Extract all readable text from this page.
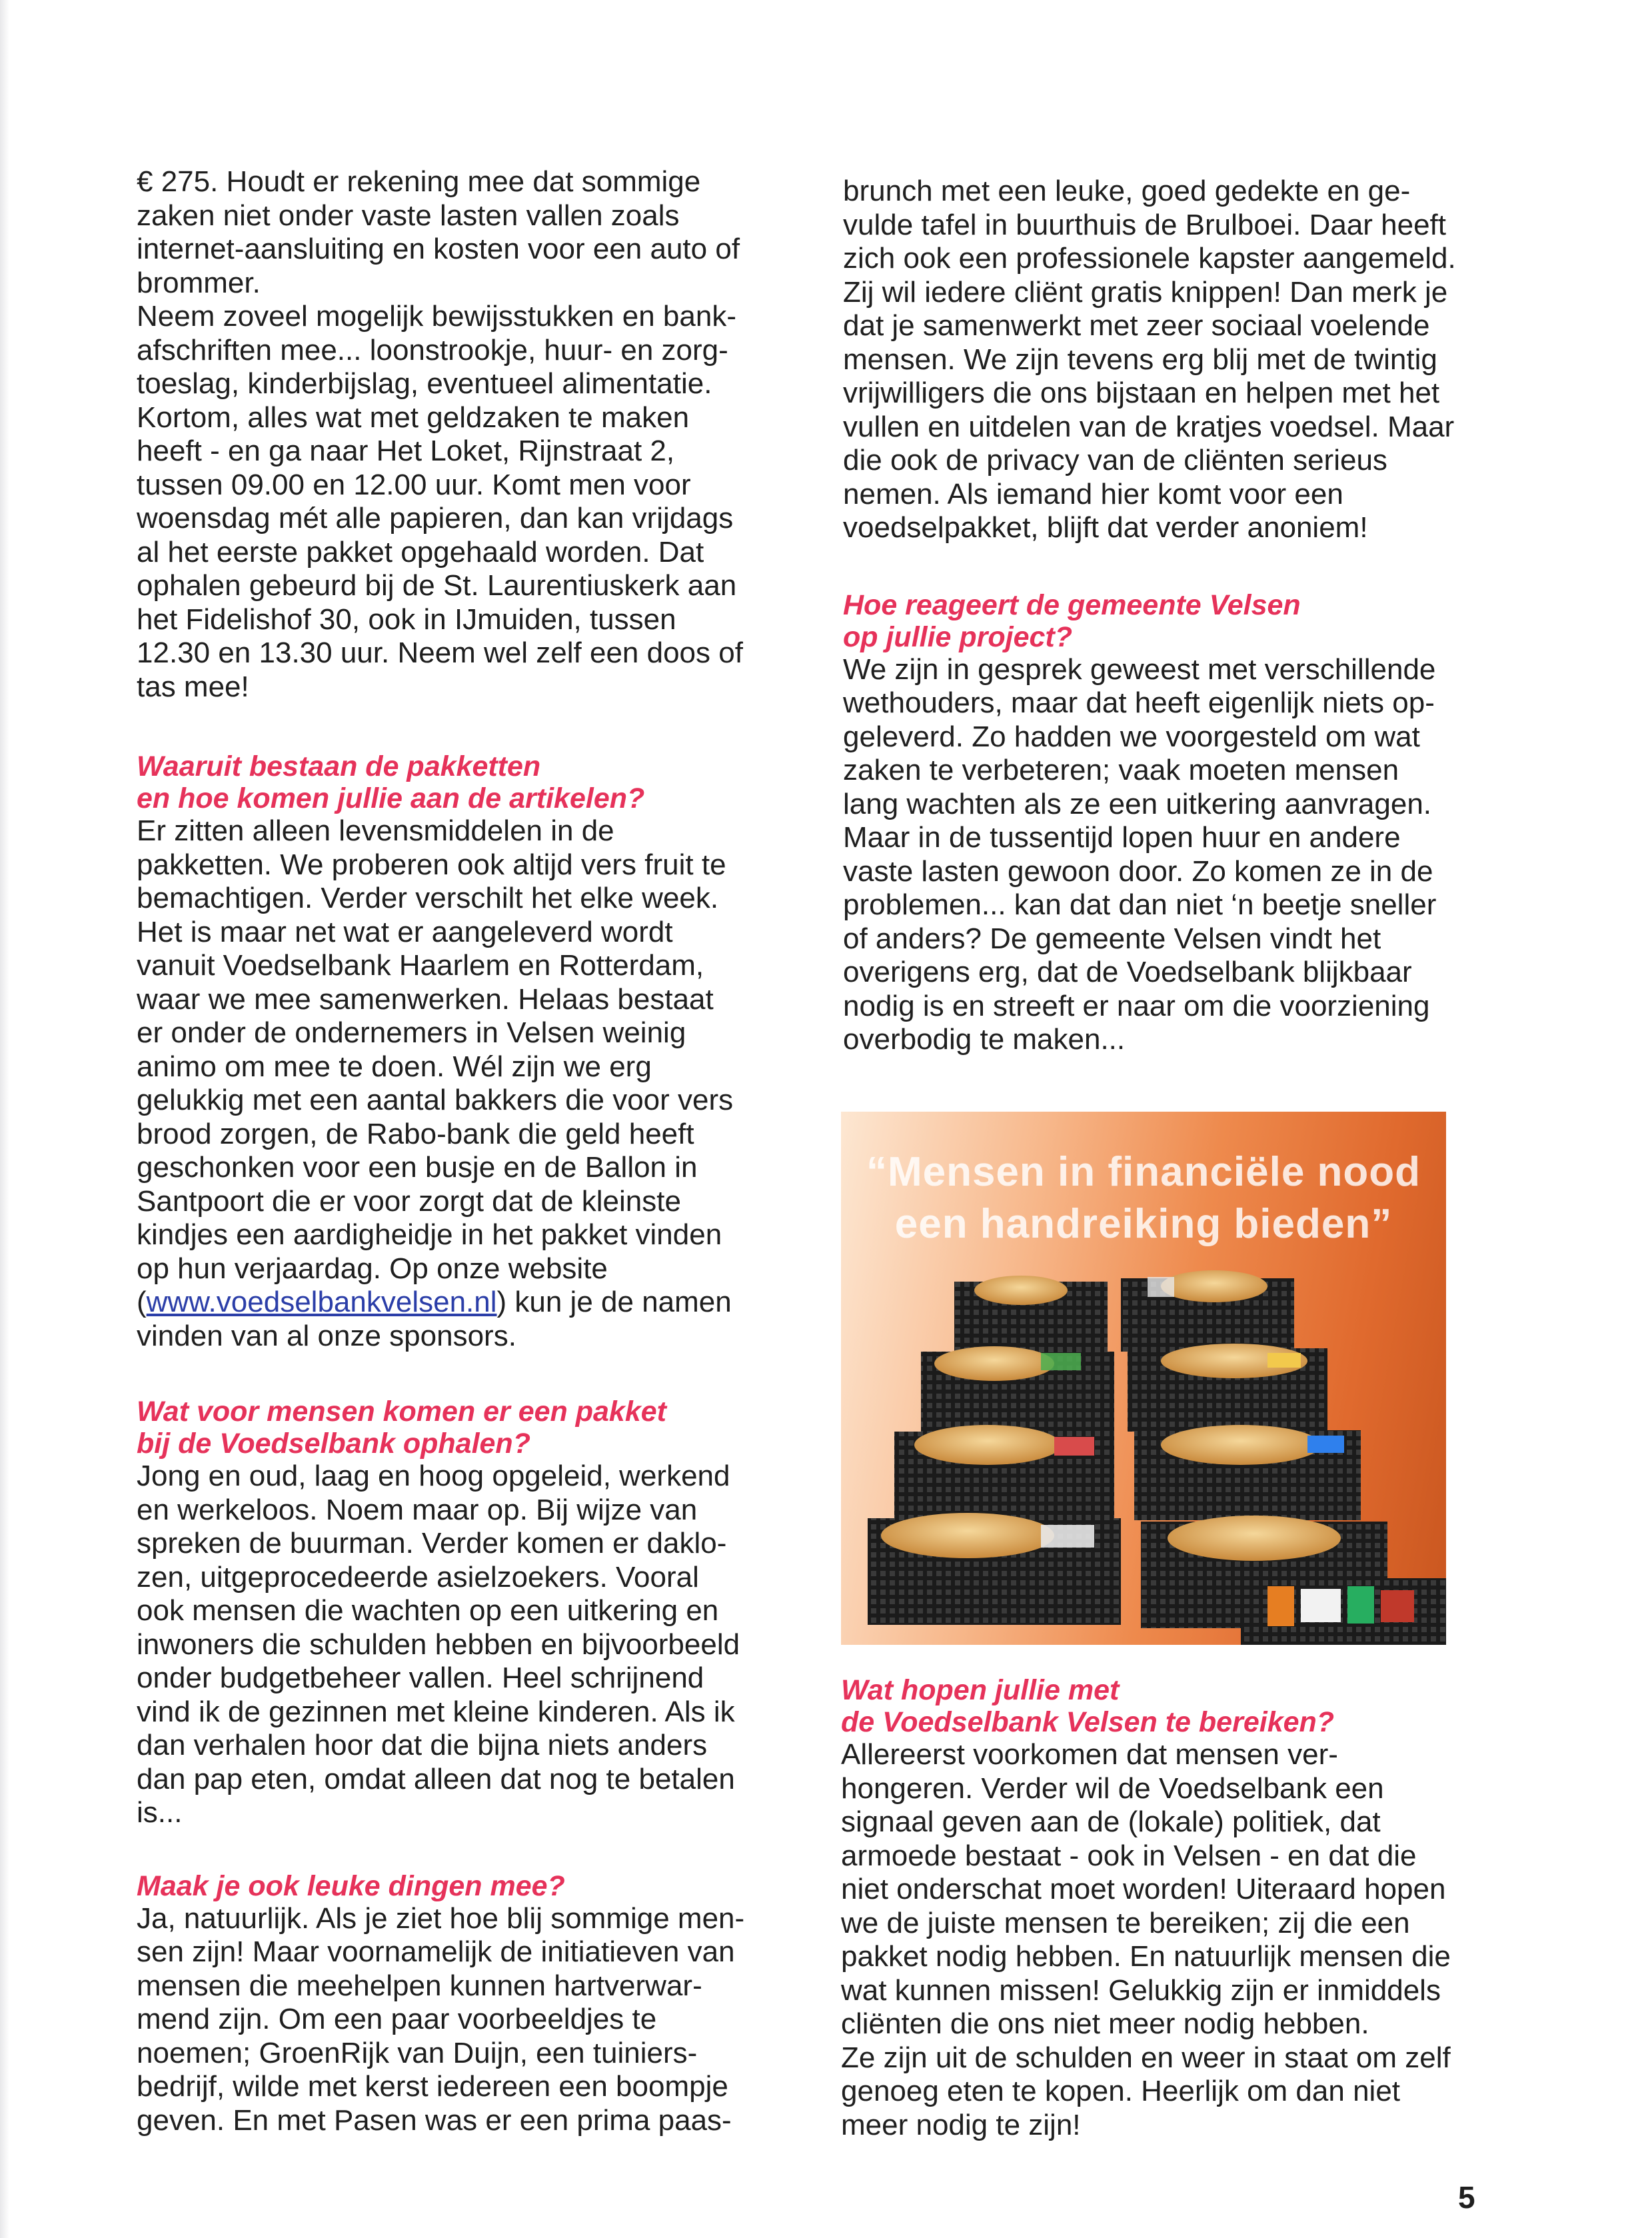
€ 275. Houdt er rekening mee dat sommige
zaken niet onder vaste lasten vallen zoals
internet-aansluiting en kosten voor een auto of
brommer.
Neem zoveel mogelijk bewijsstukken en bank-
afschriften mee... loonstrookje, huur- en zorg-
toeslag, kinderbijslag, eventueel alimentatie.
Kortom, alles wat met geldzaken te maken
heeft - en ga naar Het Loket, Rijnstraat 2,
tussen 09.00 en 12.00 uur. Komt men voor
woensdag mét alle papieren, dan kan vrijdags
al het eerste pakket opgehaald worden. Dat
ophalen gebeurd bij de St. Laurentiuskerk aan
het Fidelishof 30, ook in IJmuiden, tussen
12.30 en 13.30 uur. Neem wel zelf een doos of
tas mee!

Waaruit bestaan de pakketten
en hoe komen jullie aan de artikelen?

Er zitten alleen levensmiddelen in de
pakketten. We proberen ook altijd vers fruit te
bemachtigen. Verder verschilt het elke week.
Het is maar net wat er aangeleverd wordt
vanuit Voedselbank Haarlem en Rotterdam,
waar we mee samenwerken. Helaas bestaat
er onder de ondernemers in Velsen weinig
animo om mee te doen. Wél zijn we erg
gelukkig met een aantal bakkers die voor vers
brood zorgen, de Rabo-bank die geld heeft
geschonken voor een busje en de Ballon in
Santpoort die er voor zorgt dat de kleinste
kindjes een aardigheidje in het pakket vinden
op hun verjaardag. Op onze website

(www.voedselbankvelsen.nl) kun je de namen
vinden van al onze sponsors.

Wat voor mensen komen er een pakket
bij de Voedselbank ophalen?

Jong en oud, laag en hoog opgeleid, werkend
en werkeloos. Noem maar op. Bij wijze van
spreken de buurman. Verder komen er daklo-
zen, uitgeprocedeerde asielzoekers. Vooral
ook mensen die wachten op een uitkering en
inwoners die schulden hebben en bijvoorbeeld
onder budgetbeheer vallen. Heel schrijnend
vind ik de gezinnen met kleine kinderen. Als ik
dan verhalen hoor dat die bijna niets anders
dan pap eten, omdat alleen dat nog te betalen
is...

Maak je ook leuke dingen mee?

Ja, natuurlijk. Als je ziet hoe blij sommige men-
sen zijn! Maar voornamelijk de initiatieven van
mensen die meehelpen kunnen hartverwar-
mend zijn. Om een paar voorbeeldjes te
noemen; GroenRijk van Duijn, een tuiniers-
bedrijf, wilde met kerst iedereen een boompje
geven. En met Pasen was er een prima paas-

brunch met een leuke, goed gedekte en ge-
vulde tafel in buurthuis de Brulboei. Daar heeft
zich ook een professionele kapster aangemeld.
Zij wil iedere cliënt gratis knippen! Dan merk je
dat je samenwerkt met zeer sociaal voelende
mensen. We zijn tevens erg blij met de twintig
vrijwilligers die ons bijstaan en helpen met het
vullen en uitdelen van de kratjes voedsel. Maar
die ook de privacy van de cliënten serieus
nemen. Als iemand hier komt voor een
voedselpakket, blijft dat verder anoniem!

Hoe reageert de gemeente Velsen
op jullie project?

We zijn in gesprek geweest met verschillende
wethouders, maar dat heeft eigenlijk niets op-
geleverd. Zo hadden we voorgesteld om wat
zaken te verbeteren; vaak moeten mensen
lang wachten als ze een uitkering aanvragen.
Maar in de tussentijd lopen huur en andere
vaste lasten gewoon door. Zo komen ze in de
problemen... kan dat dan niet ‘n beetje sneller
of anders? De gemeente Velsen vindt het
overigens erg, dat de Voedselbank blijkbaar
nodig is en streeft er naar om die voorziening
overbodig te maken...

“Mensen in financiële nood
een handreiking bieden”

Wat hopen jullie met
de Voedselbank Velsen te bereiken?

Allereerst voorkomen dat mensen ver-
hongeren. Verder wil de Voedselbank een
signaal geven aan de (lokale) politiek, dat
armoede bestaat - ook in Velsen - en dat die
niet onderschat moet worden! Uiteraard hopen
we de juiste mensen te bereiken; zij die een
pakket nodig hebben. En natuurlijk mensen die
wat kunnen missen! Gelukkig zijn er inmiddels
cliënten die ons niet meer nodig hebben.
Ze zijn uit de schulden en weer in staat om zelf
genoeg eten te kopen. Heerlijk om dan niet
meer nodig te zijn!

5
